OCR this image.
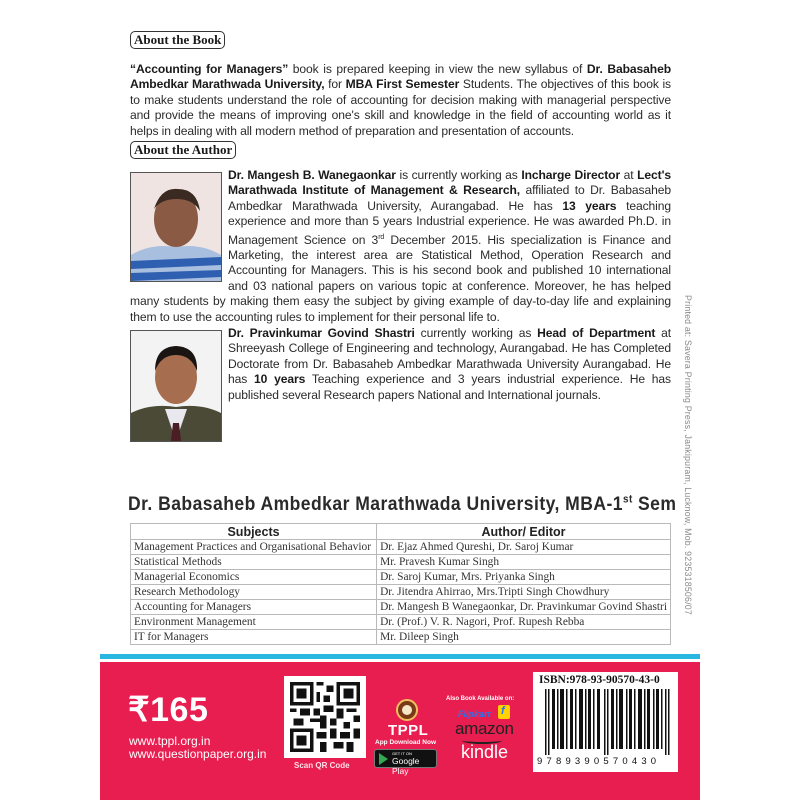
About the Book
“Accounting for Managers” book is prepared keeping in view the new syllabus of Dr. Babasaheb Ambedkar Marathwada University, for MBA First Semester Students. The objectives of this book is to make students understand the role of accounting for decision making with managerial perspective and provide the means of improving one's skill and knowledge in the field of accounting world as it helps in dealing with all modern method of preparation and presentation of accounts.
About the Author
Dr. Mangesh B. Wanegaonkar is currently working as Incharge Director at Lect's Marathwada Institute of Management & Research, affiliated to Dr. Babasaheb Ambedkar Marathwada University, Aurangabad. He has 13 years teaching experience and more than 5 years Industrial experience. He was awarded Ph.D. in Management Science on 3rd December 2015. His specialization is Finance and Marketing, the interest area are Statistical Method, Operation Research and Accounting for Managers. This is his second book and published 10 international and 03 national papers on various topic at conference. Moreover, he has helped many students by making them easy the subject by giving example of day-to-day life and explaining them to use the accounting rules to implement for their personal life to.
Dr. Pravinkumar Govind Shastri currently working as Head of Department at Shreeyash College of Engineering and technology, Aurangabad. He has Completed Doctorate from Dr. Babasaheb Ambedkar Marathwada University Aurangabad. He has 10 years Teaching experience and 3 years industrial experience. He has published several Research papers National and International journals.	Printed at: Savera Printing Press, Jankipuram, Lucknow, Mob. 9235318506/07
Dr. Babasaheb Ambedkar Marathwada University, MBA-1st Sem
Subjects	Author/ Editor
Management Practices and Organisational Behavior	Dr. Ejaz Ahmed Qureshi, Dr. Saroj Kumar
Statistical Methods	Mr. Pravesh Kumar Singh
Managerial Economics	Dr. Saroj Kumar, Mrs. Priyanka Singh
Research Methodology	Dr. Jitendra Ahirrao, Mrs.Tripti Singh Chowdhury
Accounting for Managers	Dr. Mangesh B Wanegaonkar, Dr. Pravinkumar Govind Shastri
Environment Management	Dr. (Prof.) V. R. Nagori, Prof. Rupesh Rebba
IT for Managers	Mr. Dileep Singh
₹165
www.tppl.org.in
www.questionpaper.org.in
Scan QR Code
TPPL
App Download Now
GET IT ON
Google Play
Also Book Available on:
Flipkart
f
amazon
kindle
ISBN:978-93-90570-43-0
9789390570430
